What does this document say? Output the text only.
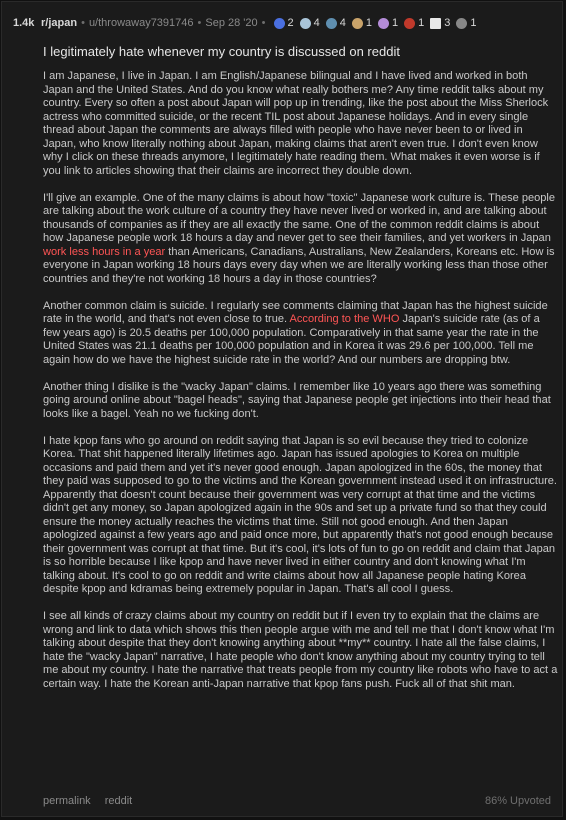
1.4k r/japan • u/throwaway7391746 • Sep 28 '20 • 2 4 4 1 1 1 3 1
I legitimately hate whenever my country is discussed on reddit

I am Japanese, I live in Japan. I am English/Japanese bilingual and I have lived and worked in both Japan and the United States. And do you know what really bothers me? Any time reddit talks about my country. Every so often a post about Japan will pop up in trending, like the post about the Miss Sherlock actress who committed suicide, or the recent TIL post about Japanese holidays. And in every single thread about Japan the comments are always filled with people who have never been to or lived in Japan, who know literally nothing about Japan, making claims that aren't even true. I don't even know why I click on these threads anymore, I legitimately hate reading them. What makes it even worse is if you link to articles showing that their claims are incorrect they double down.

I'll give an example. One of the many claims is about how "toxic" Japanese work culture is. These people are talking about the work culture of a country they have never lived or worked in, and are talking about thousands of companies as if they are all exactly the same. One of the common reddit claims is about how Japanese people work 18 hours a day and never get to see their families, and yet workers in Japan work less hours in a year than Americans, Canadians, Australians, New Zealanders, Koreans etc. How is everyone in Japan working 18 hours days every day when we are literally working less than those other countries and they're not working 18 hours a day in those countries?

Another common claim is suicide. I regularly see comments claiming that Japan has the highest suicide rate in the world, and that's not even close to true. According to the WHO Japan's suicide rate (as of a few years ago) is 20.5 deaths per 100,000 population. Comparatively in that same year the rate in the United States was 21.1 deaths per 100,000 population and in Korea it was 29.6 per 100,000. Tell me again how do we have the highest suicide rate in the world? And our numbers are dropping btw.

Another thing I dislike is the "wacky Japan" claims. I remember like 10 years ago there was something going around online about "bagel heads", saying that Japanese people get injections into their head that looks like a bagel. Yeah no we fucking don't.

I hate kpop fans who go around on reddit saying that Japan is so evil because they tried to colonize Korea. That shit happened literally lifetimes ago. Japan has issued apologies to Korea on multiple occasions and paid them and yet it's never good enough. Japan apologized in the 60s, the money that they paid was supposed to go to the victims and the Korean government instead used it on infrastructure. Apparently that doesn't count because their government was very corrupt at that time and the victims didn't get any money, so Japan apologized again in the 90s and set up a private fund so that they could ensure the money actually reaches the victims that time. Still not good enough. And then Japan apologized against a few years ago and paid once more, but apparently that's not good enough because their government was corrupt at that time. But it's cool, it's lots of fun to go on reddit and claim that Japan is so horrible because I like kpop and have never lived in either country and don't knowing what I'm talking about. It's cool to go on reddit and write claims about how all Japanese people hating Korea despite kpop and kdramas being extremely popular in Japan. That's all cool I guess.

I see all kinds of crazy claims about my country on reddit but if I even try to explain that the claims are wrong and link to data which shows this then people argue with me and tell me that I don't know what I'm talking about despite that they don't knowing anything about **my** country. I hate all the false claims, I hate the "wacky Japan" narrative, I hate people who don't know anything about my country trying to tell me about my country. I hate the narrative that treats people from my country like robots who have to act a certain way. I hate the Korean anti-Japan narrative that kpop fans push. Fuck all of that shit man.

permalink reddit	86% Upvoted
